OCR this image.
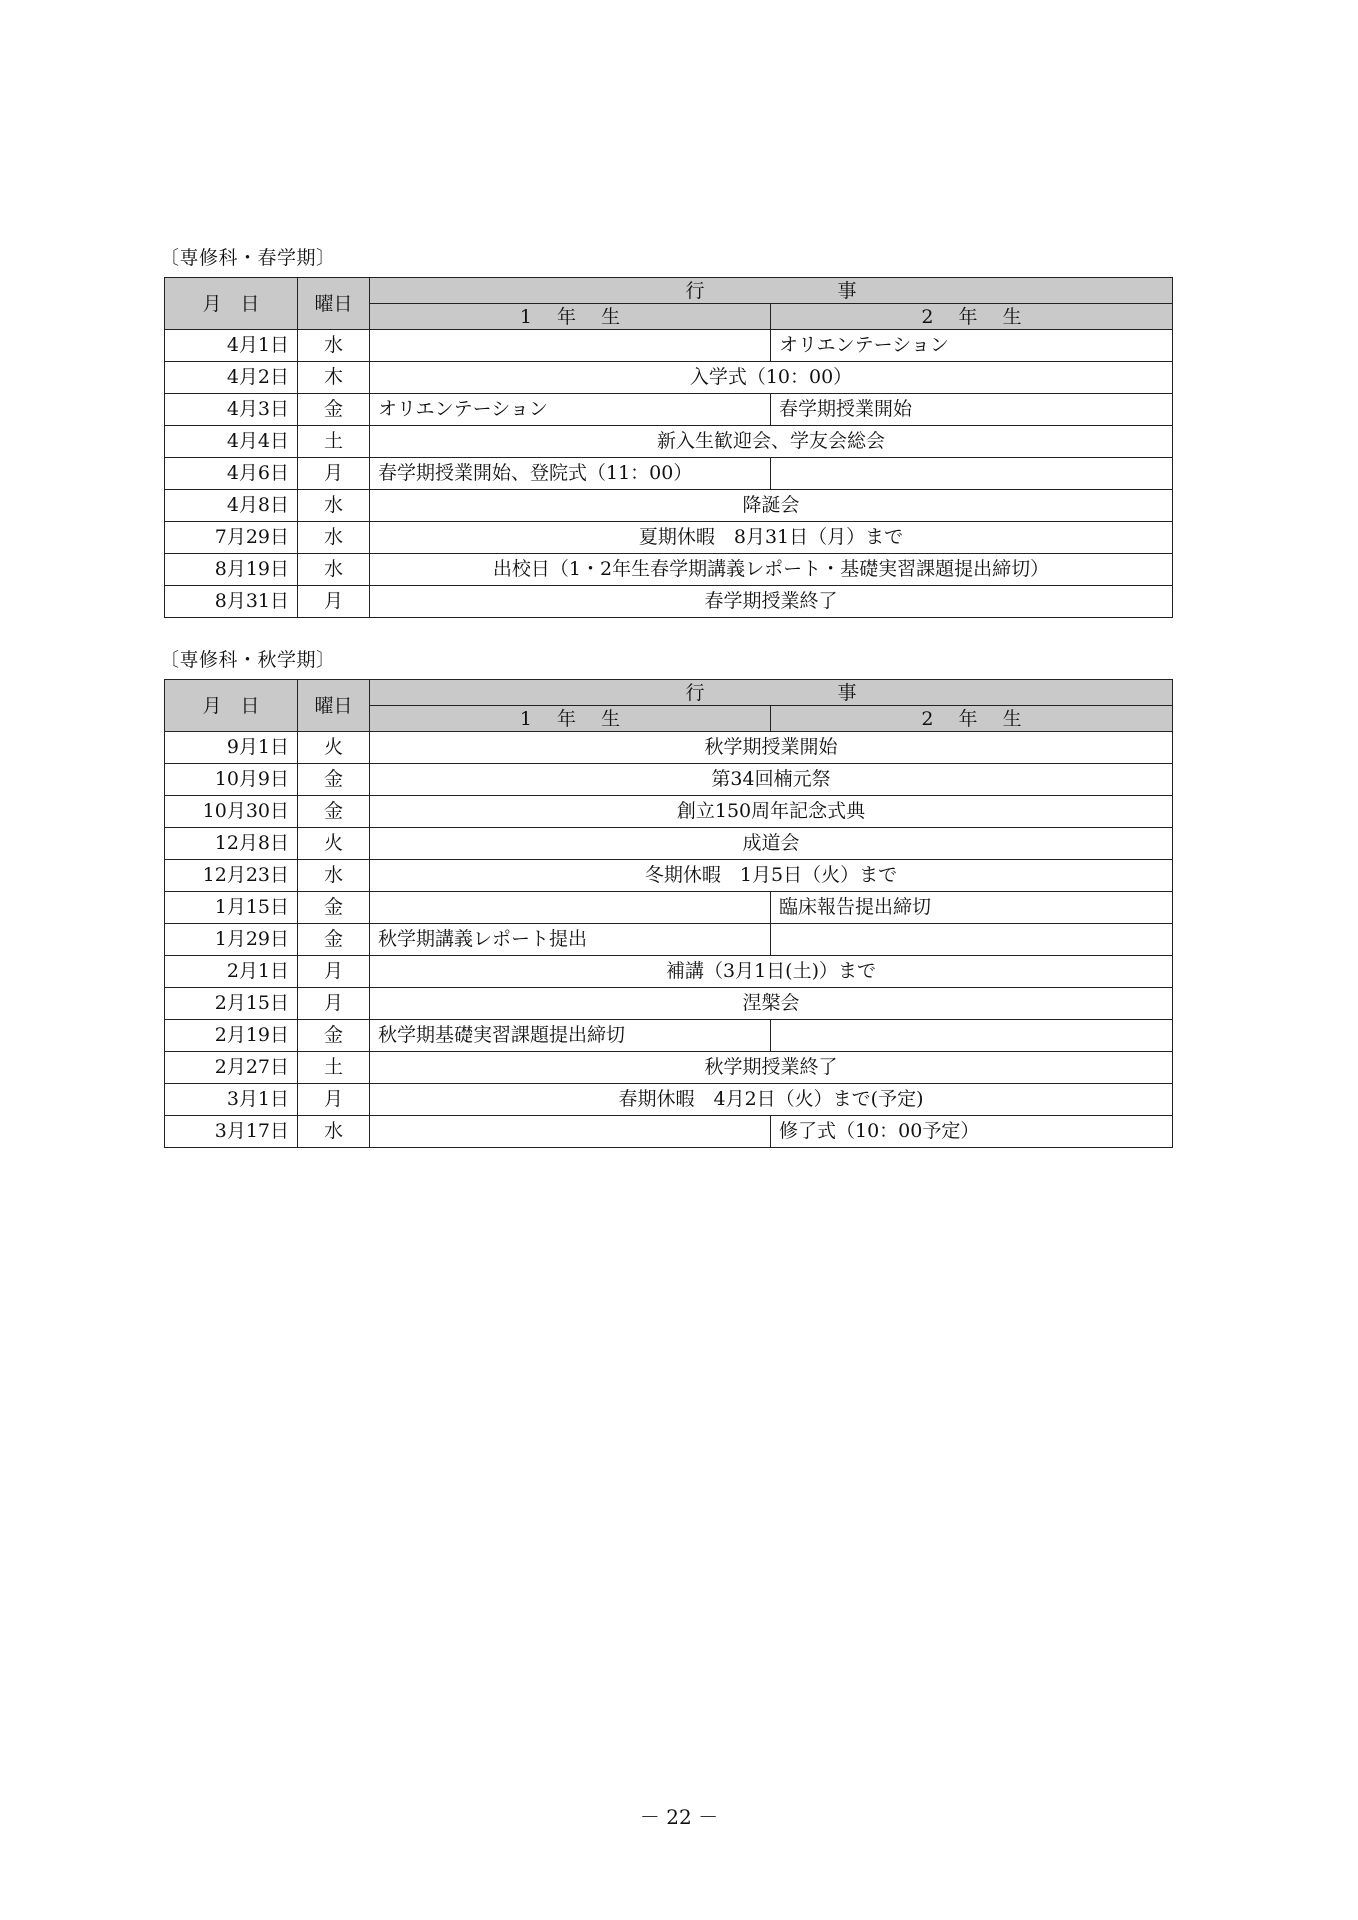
〔専修科・春学期〕
月　日	曜日	行　　　　　　　事	
		1　 年　 生	2　 年　 生
4月1日	水		オリエンテーション
4月2日	木	入学式（10：00）	
4月3日	金	オリエンテーション	春学期授業開始
4月4日	土	新入生歓迎会、学友会総会	
4月6日	月	春学期授業開始、登院式（11：00）	
4月8日	水	降誕会	
7月29日	水	夏期休暇　8月31日（月）まで	
8月19日	水	出校日（1・2年生春学期講義レポート・基礎実習課題提出締切）	
8月31日	月	春学期授業終了	
〔専修科・秋学期〕
月　日	曜日	行　　　　　　　事	
		1　 年　 生	2　 年　 生
9月1日	火	秋学期授業開始	
10月9日	金	第34回楠元祭	
10月30日	金	創立150周年記念式典	
12月8日	火	成道会	
12月23日	水	冬期休暇　1月5日（火）まで	
1月15日	金		臨床報告提出締切
1月29日	金	秋学期講義レポート提出	
2月1日	月	補講（3月1日(土)）まで	
2月15日	月	涅槃会	
2月19日	金	秋学期基礎実習課題提出締切	
2月27日	土	秋学期授業終了	
3月1日	月	春期休暇　4月2日（火）まで(予定)	
3月17日	水		修了式（10：00予定）
－ 22 －
